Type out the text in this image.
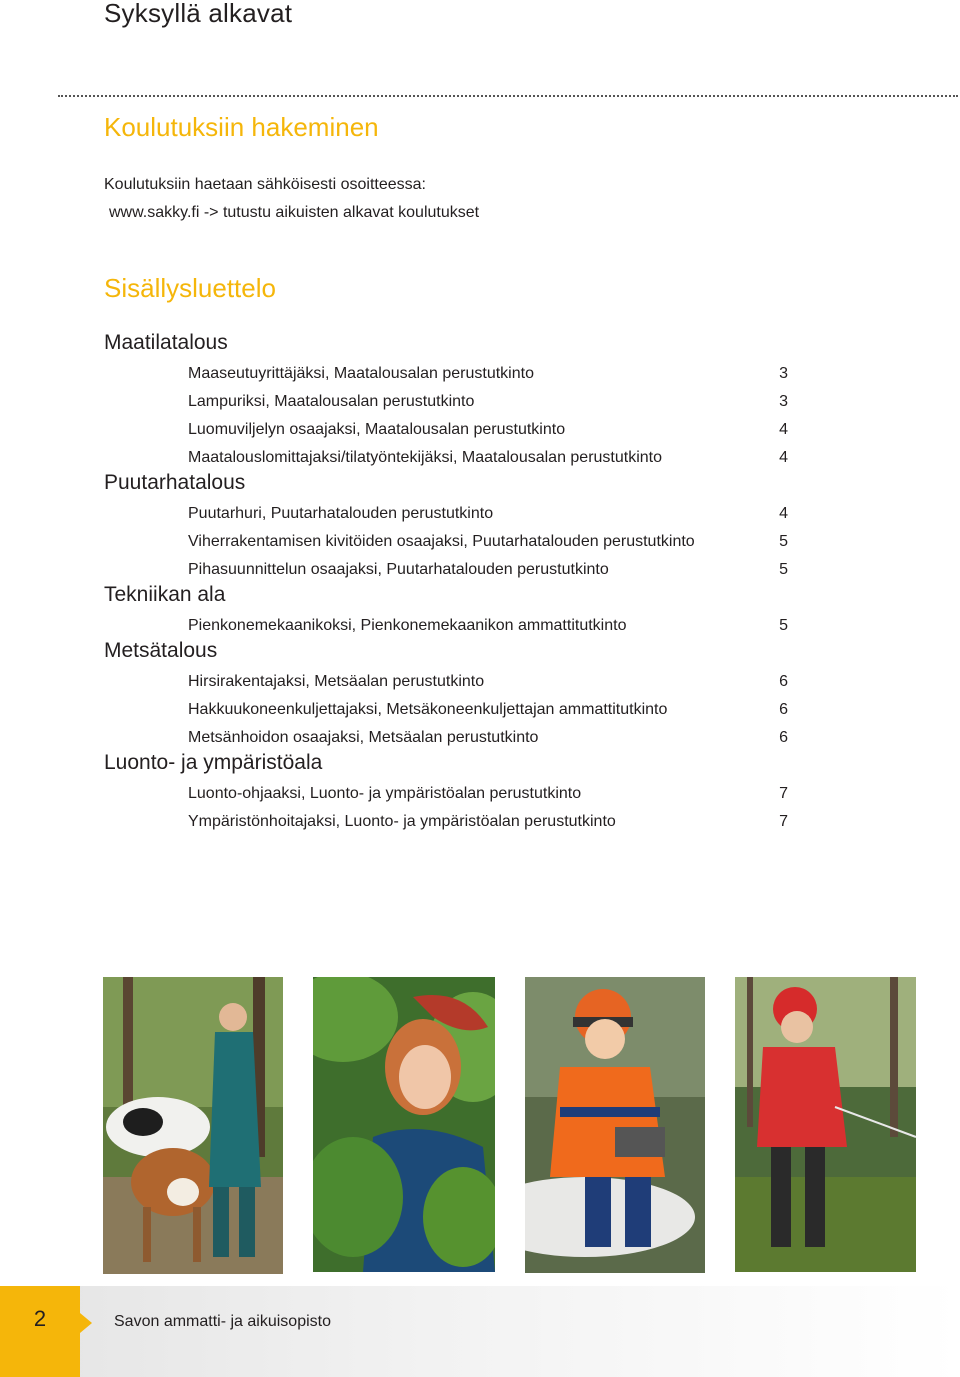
Syksyllä alkavat
Koulutuksiin hakeminen
Koulutuksiin haetaan sähköisesti osoitteessa:
www.sakky.fi -> tutustu aikuisten alkavat koulutukset
Sisällysluettelo
Maatilatalous
Maaseutuyrittäjäksi, Maatalousalan perustutkinto	3
Lampuriksi, Maatalousalan perustutkinto	3
Luomuviljelyn osaajaksi, Maatalousalan perustutkinto	4
Maatalouslomittajaksi/tilatyöntekijäksi, Maatalousalan perustutkinto	4
Puutarhatalous
Puutarhuri, Puutarhatalouden perustutkinto	4
Viherrakentamisen kivitöiden osaajaksi, Puutarhatalouden perustutkinto	5
Pihasuunnittelun osaajaksi, Puutarhatalouden perustutkinto	5
Tekniikan ala
Pienkonemekaanikoksi, Pienkonemekaanikon ammattitutkinto	5
Metsätalous
Hirsirakentajaksi, Metsäalan perustutkinto	6
Hakkuukoneenkuljettajaksi, Metsäkoneenkuljettajan ammattitutkinto	6
Metsänhoidon osaajaksi, Metsäalan perustutkinto	6
Luonto- ja ympäristöala
Luonto-ohjaaksi, Luonto- ja ympäristöalan perustutkinto	7
Ympäristönhoitajaksi, Luonto- ja ympäristöalan perustutkinto	7
2	Savon ammatti- ja aikuisopisto
